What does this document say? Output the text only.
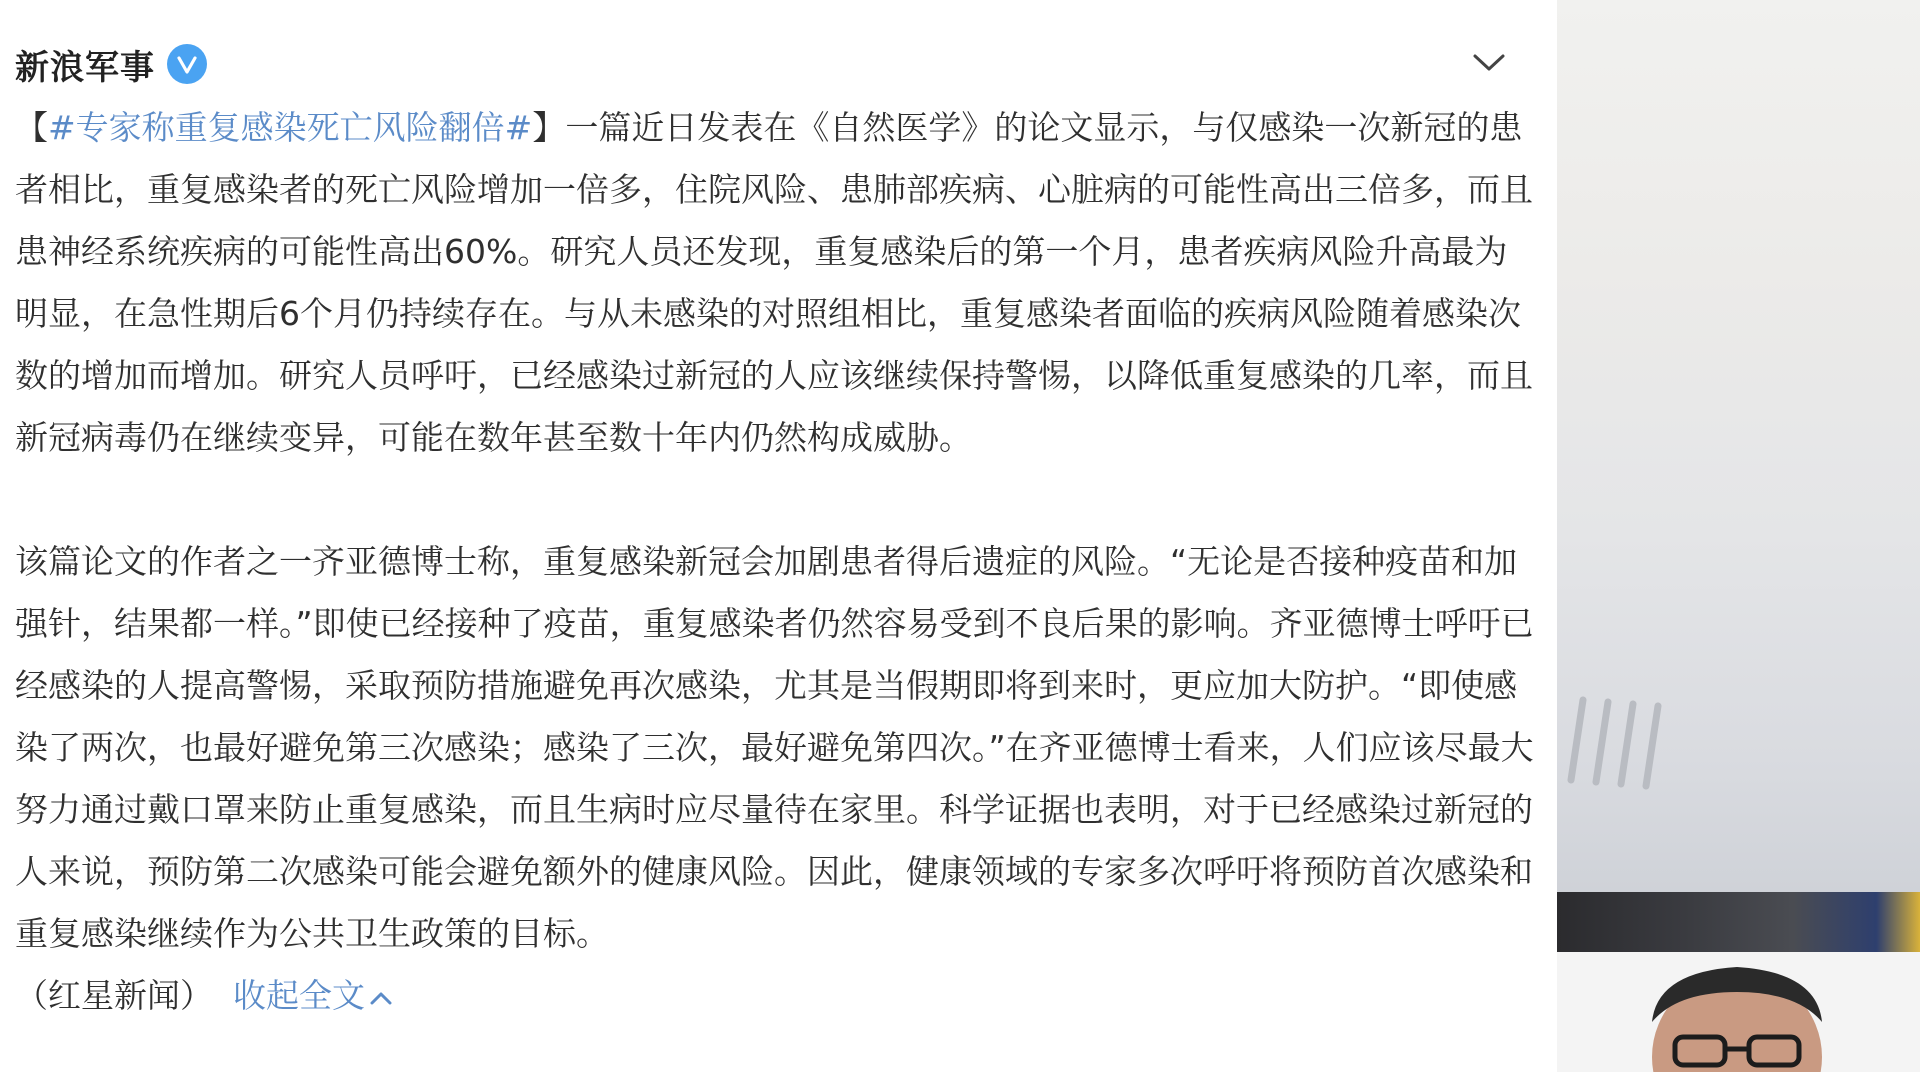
新浪军事

【#专家称重复感染死亡风险翻倍#】一篇近日发表在《自然医学》的论文显示，与仅感染一次新冠的患者相比，重复感染者的死亡风险增加一倍多，住院风险、患肺部疾病、心脏病的可能性高出三倍多，而且患神经系统疾病的可能性高出60%。研究人员还发现，重复感染后的第一个月，患者疾病风险升高最为明显，在急性期后6个月仍持续存在。与从未感染的对照组相比，重复感染者面临的疾病风险随着感染次数的增加而增加。研究人员呼吁，已经感染过新冠的人应该继续保持警惕，以降低重复感染的几率，而且新冠病毒仍在继续变异，可能在数年甚至数十年内仍然构成威胁。

该篇论文的作者之一齐亚德博士称，重复感染新冠会加剧患者得后遗症的风险。“无论是否接种疫苗和加强针，结果都一样。”即使已经接种了疫苗，重复感染者仍然容易受到不良后果的影响。齐亚德博士呼吁已经感染的人提高警惕，采取预防措施避免再次感染，尤其是当假期即将到来时，更应加大防护。“即使感染了两次，也最好避免第三次感染；感染了三次，最好避免第四次。”在齐亚德博士看来，人们应该尽最大努力通过戴口罩来防止重复感染，而且生病时应尽量待在家里。科学证据也表明，对于已经感染过新冠的人来说，预防第二次感染可能会避免额外的健康风险。因此，健康领域的专家多次呼吁将预防首次感染和重复感染继续作为公共卫生政策的目标。

（红星新闻） 收起全文
